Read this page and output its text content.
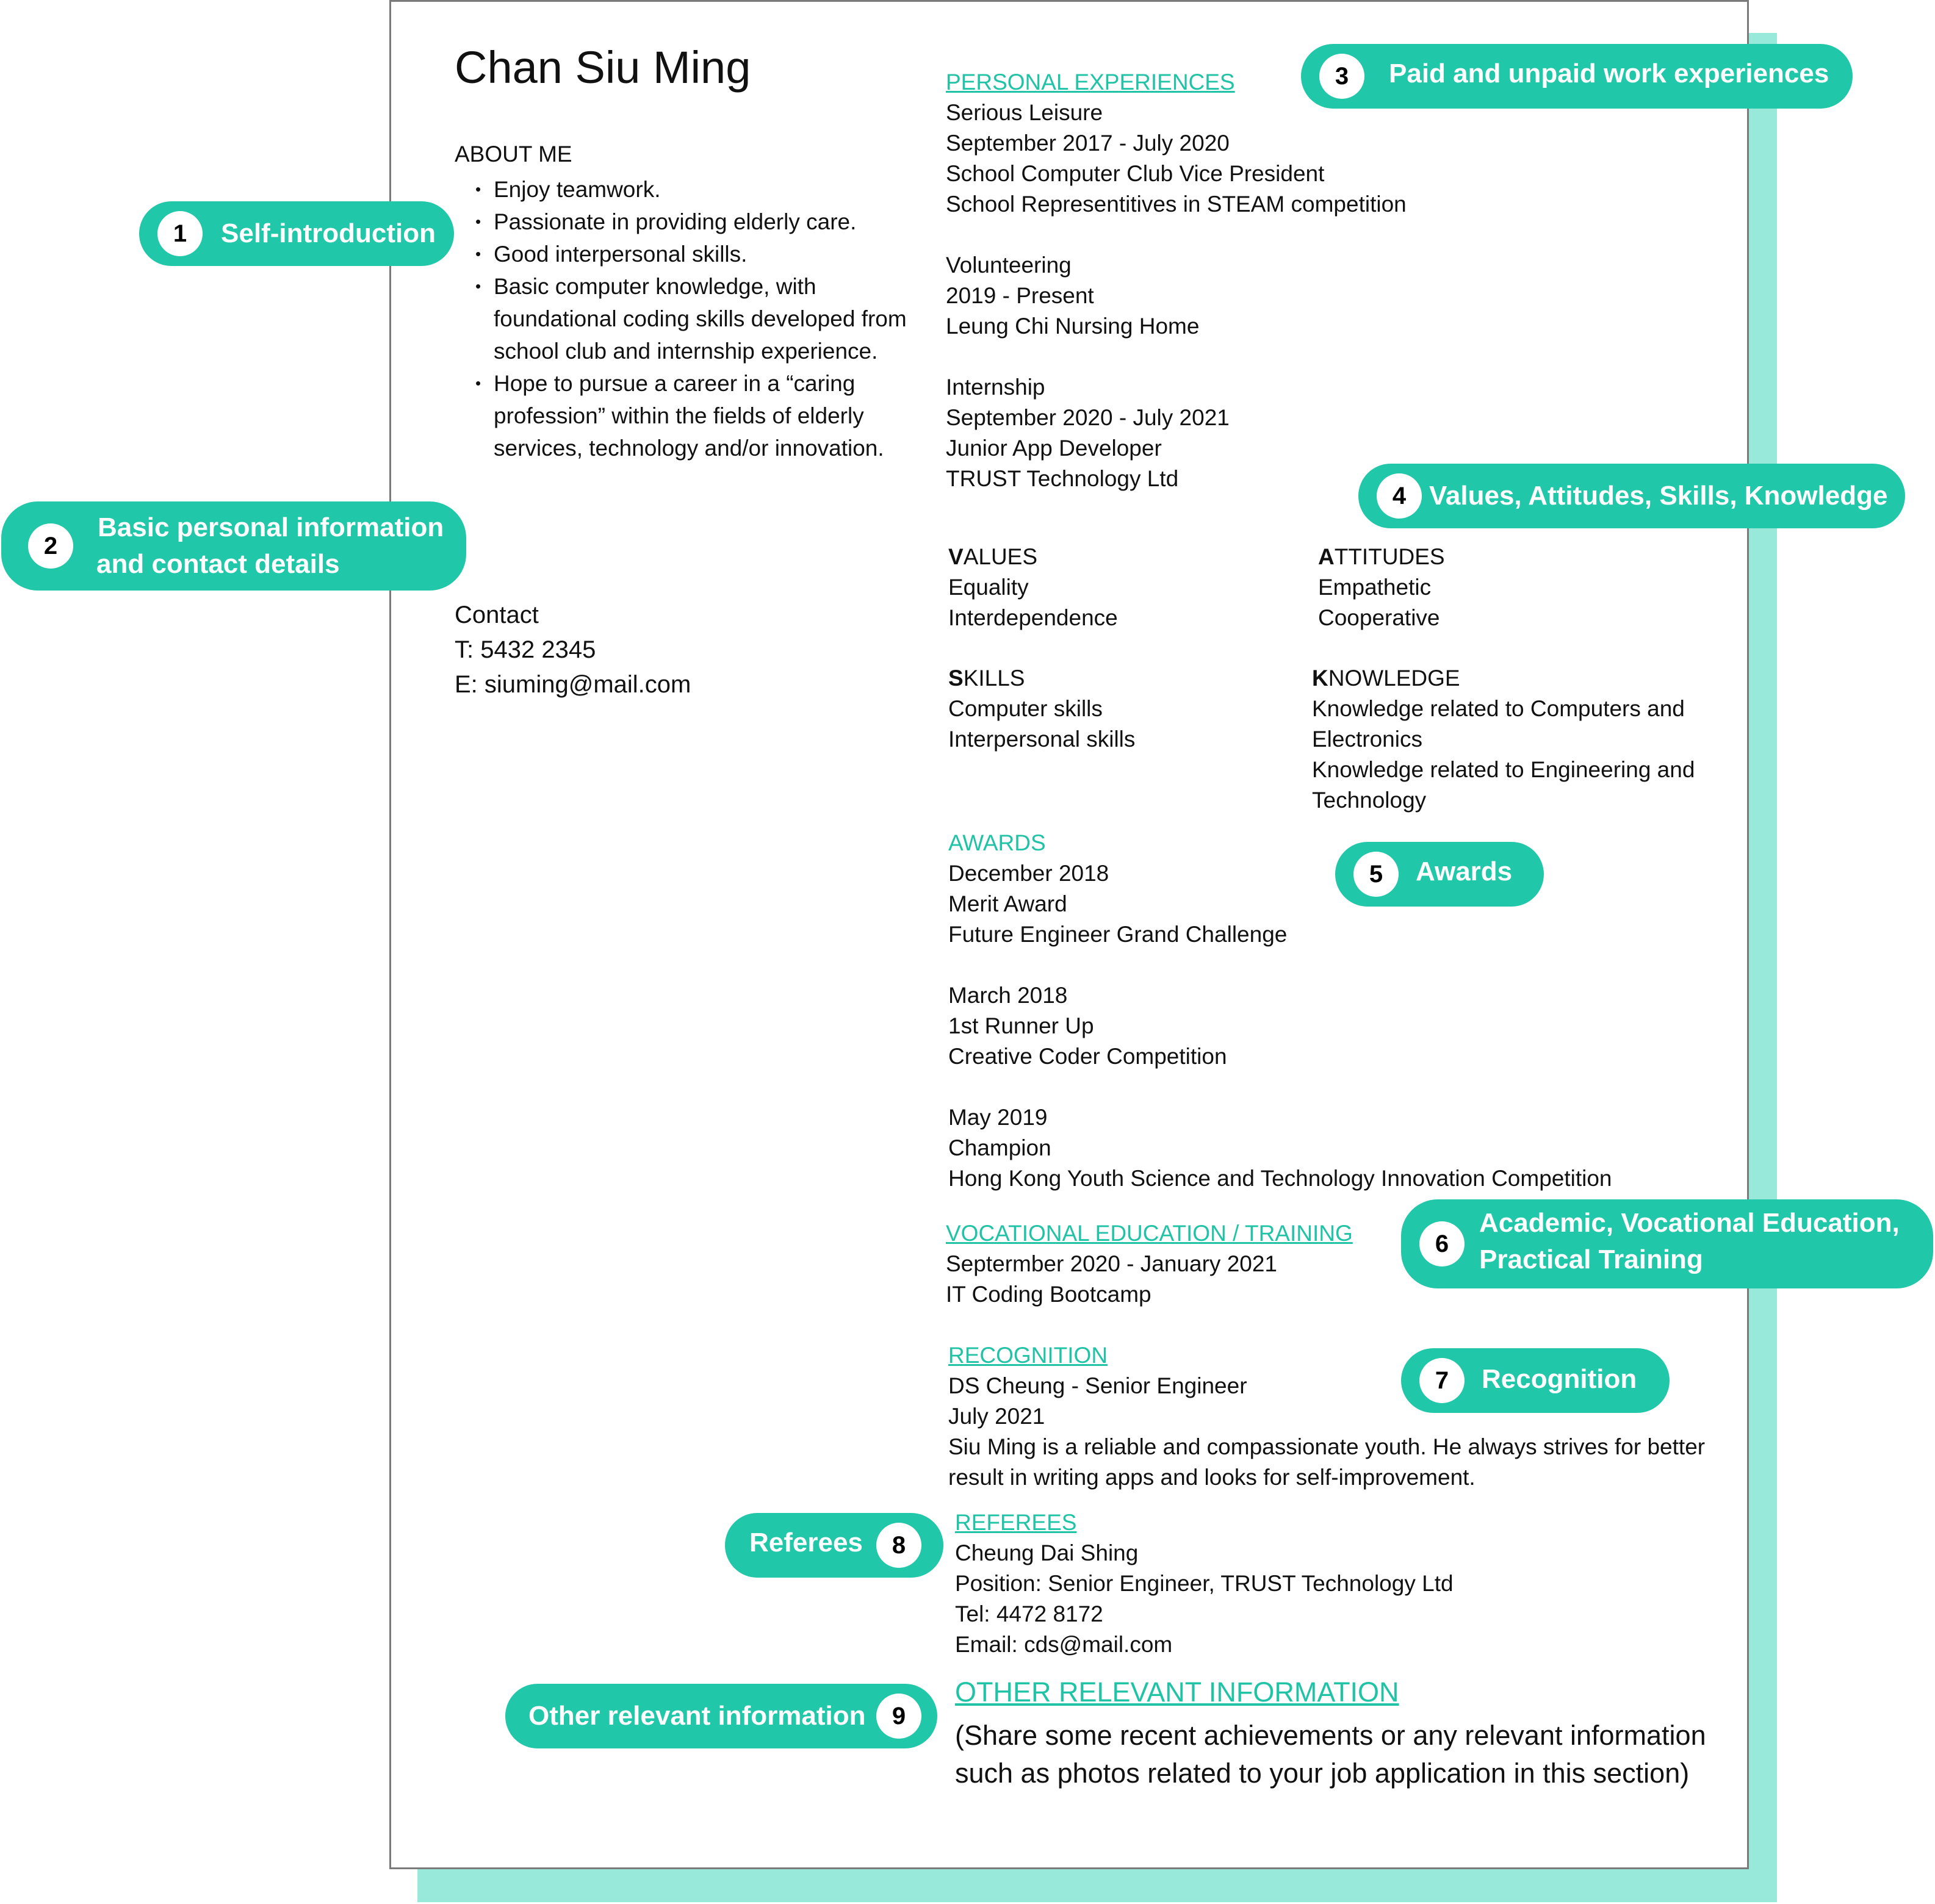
Chan Siu Ming
ABOUT ME
• Enjoy teamwork.
• Passionate in providing elderly care.
• Good interpersonal skills.
• Basic computer knowledge, with foundational coding skills developed from school club and internship experience.
• Hope to pursue a career in a “caring profession” within the fields of elderly services, technology and/or innovation.
Contact
T: 5432 2345
E: siuming@mail.com
PERSONAL EXPERIENCES
Serious Leisure
September 2017 - July 2020
School Computer Club Vice President
School Representitives in STEAM competition
Volunteering
2019 - Present
Leung Chi Nursing Home
Internship
September 2020 - July 2021
Junior App Developer
TRUST Technology Ltd
VALUES
Equality
Interdependence
ATTITUDES
Empathetic
Cooperative
SKILLS
Computer skills
Interpersonal skills
KNOWLEDGE
Knowledge related to Computers and
Electronics
Knowledge related to Engineering and
Technology
AWARDS
December 2018
Merit Award
Future Engineer Grand Challenge
March 2018
1st Runner Up
Creative Coder Competition
May 2019
Champion
Hong Kong Youth Science and Technology Innovation Competition
VOCATIONAL EDUCATION / TRAINING
Septermber 2020 - January 2021
IT Coding Bootcamp
RECOGNITION
DS Cheung - Senior Engineer
July 2021
Siu Ming is a reliable and compassionate youth. He always strives for better
result in writing apps and looks for self-improvement.
REFEREES
Cheung Dai Shing
Position: Senior Engineer, TRUST Technology Ltd
Tel: 4472 8172
Email: cds@mail.com
OTHER RELEVANT INFORMATION
(Share some recent achievements or any relevant information
such as photos related to your job application in this section)
1	Self-introduction
2
Basic personal information
and contact details
3	Paid and unpaid work experiences
4 Values, Attitudes, Skills, Knowledge
5	Awards
6
Academic, Vocational Education,
Practical Training
7	Recognition
Referees	8
Other relevant information	9
